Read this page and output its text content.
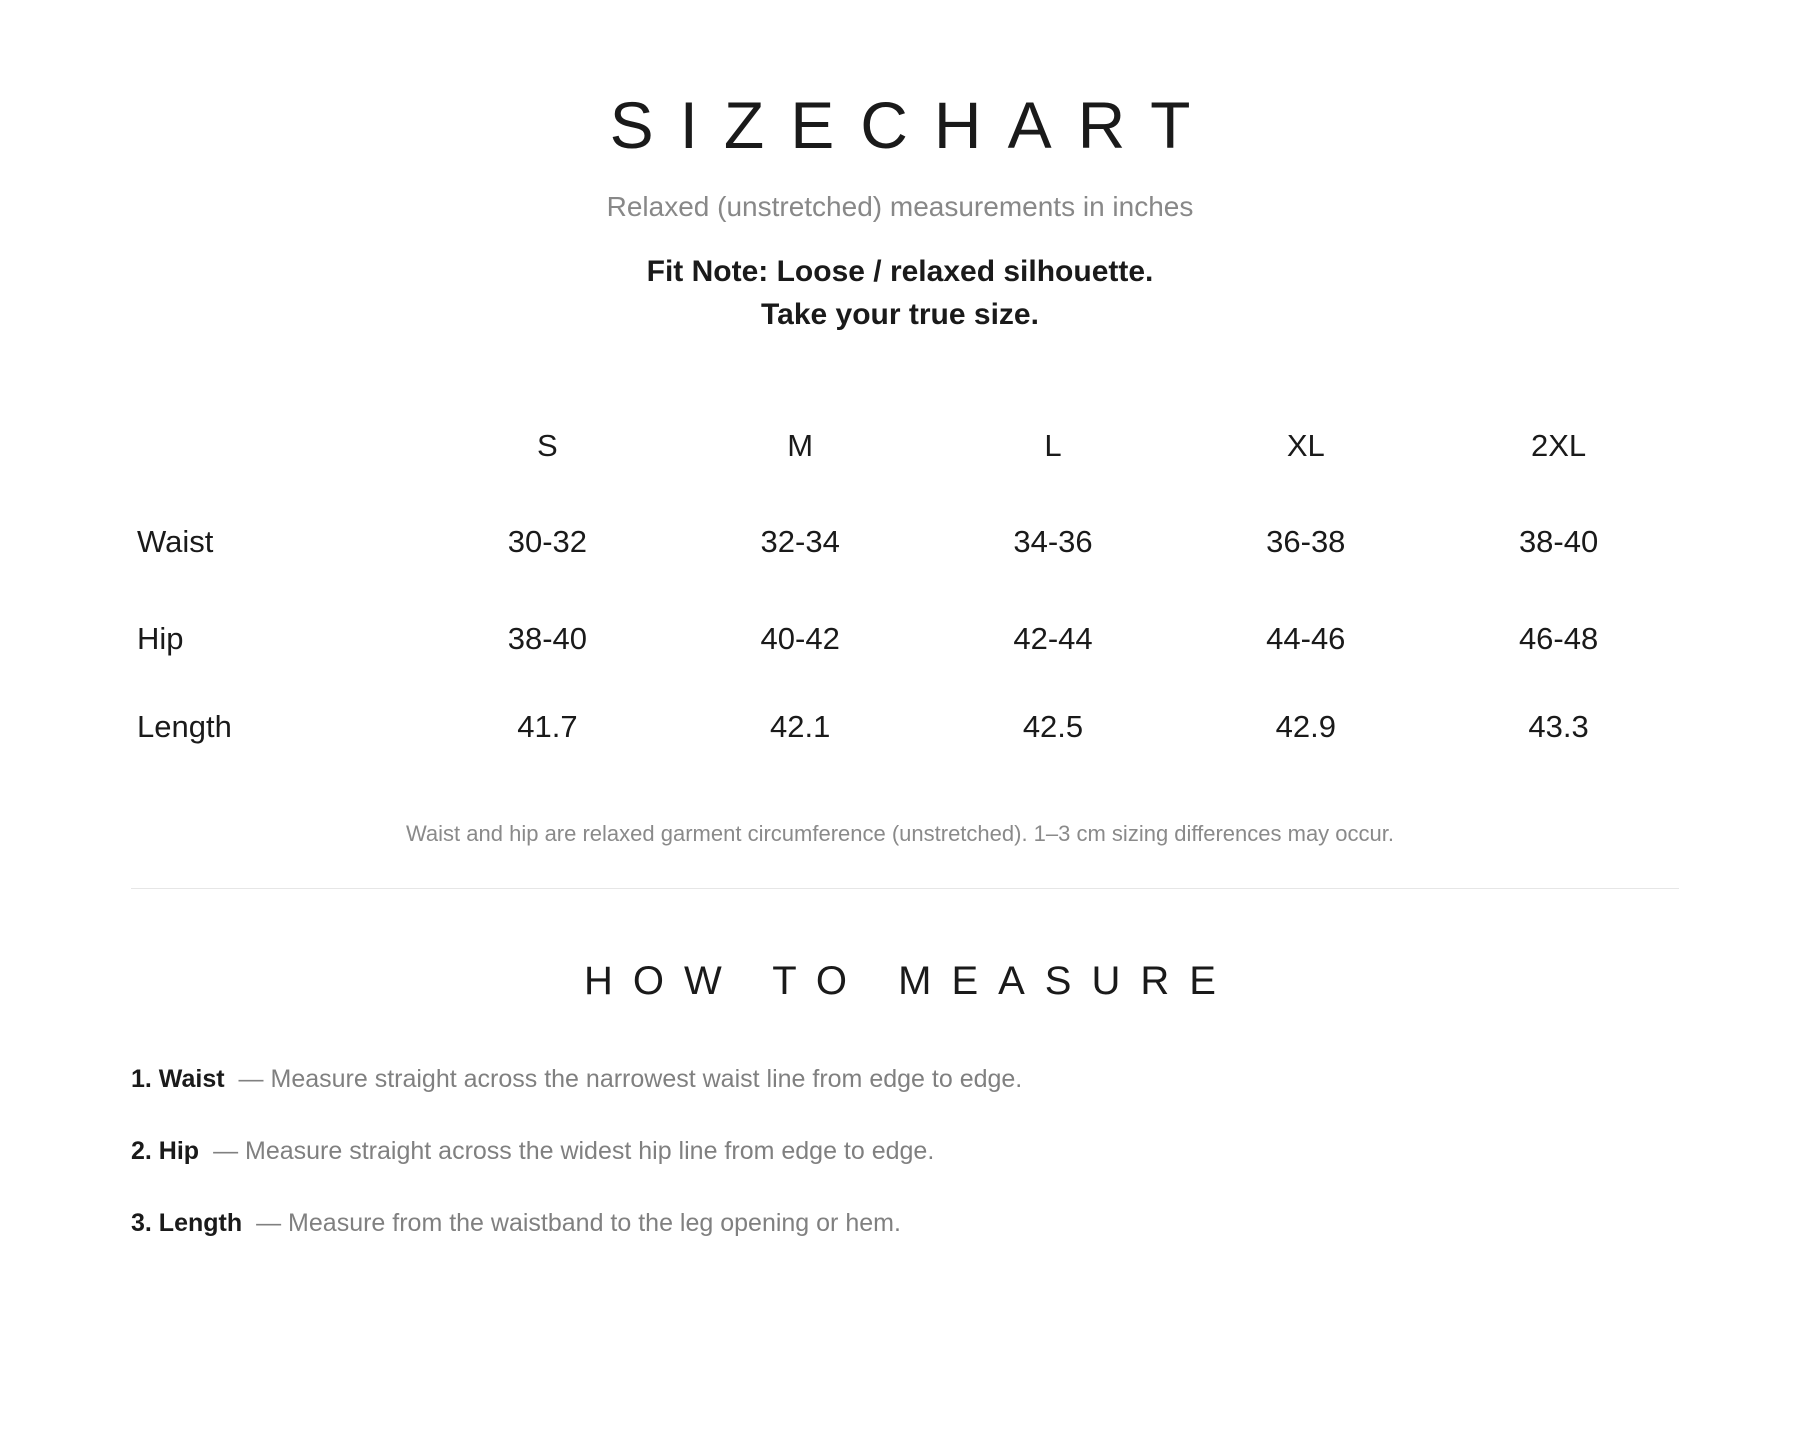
SIZECHART
Relaxed (unstretched) measurements in inches
Fit Note: Loose / relaxed silhouette.
Take your true size.
	S	M	L	XL	2XL
Waist	30-32	32-34	34-36	36-38	38-40
Hip	38-40	40-42	42-44	44-46	46-48
Length	41.7	42.1	42.5	42.9	43.3
Waist and hip are relaxed garment circumference (unstretched). 1–3 cm sizing differences may occur.
HOW TO MEASURE
1. Waist — Measure straight across the narrowest waist line from edge to edge.
2. Hip — Measure straight across the widest hip line from edge to edge.
3. Length — Measure from the waistband to the leg opening or hem.
